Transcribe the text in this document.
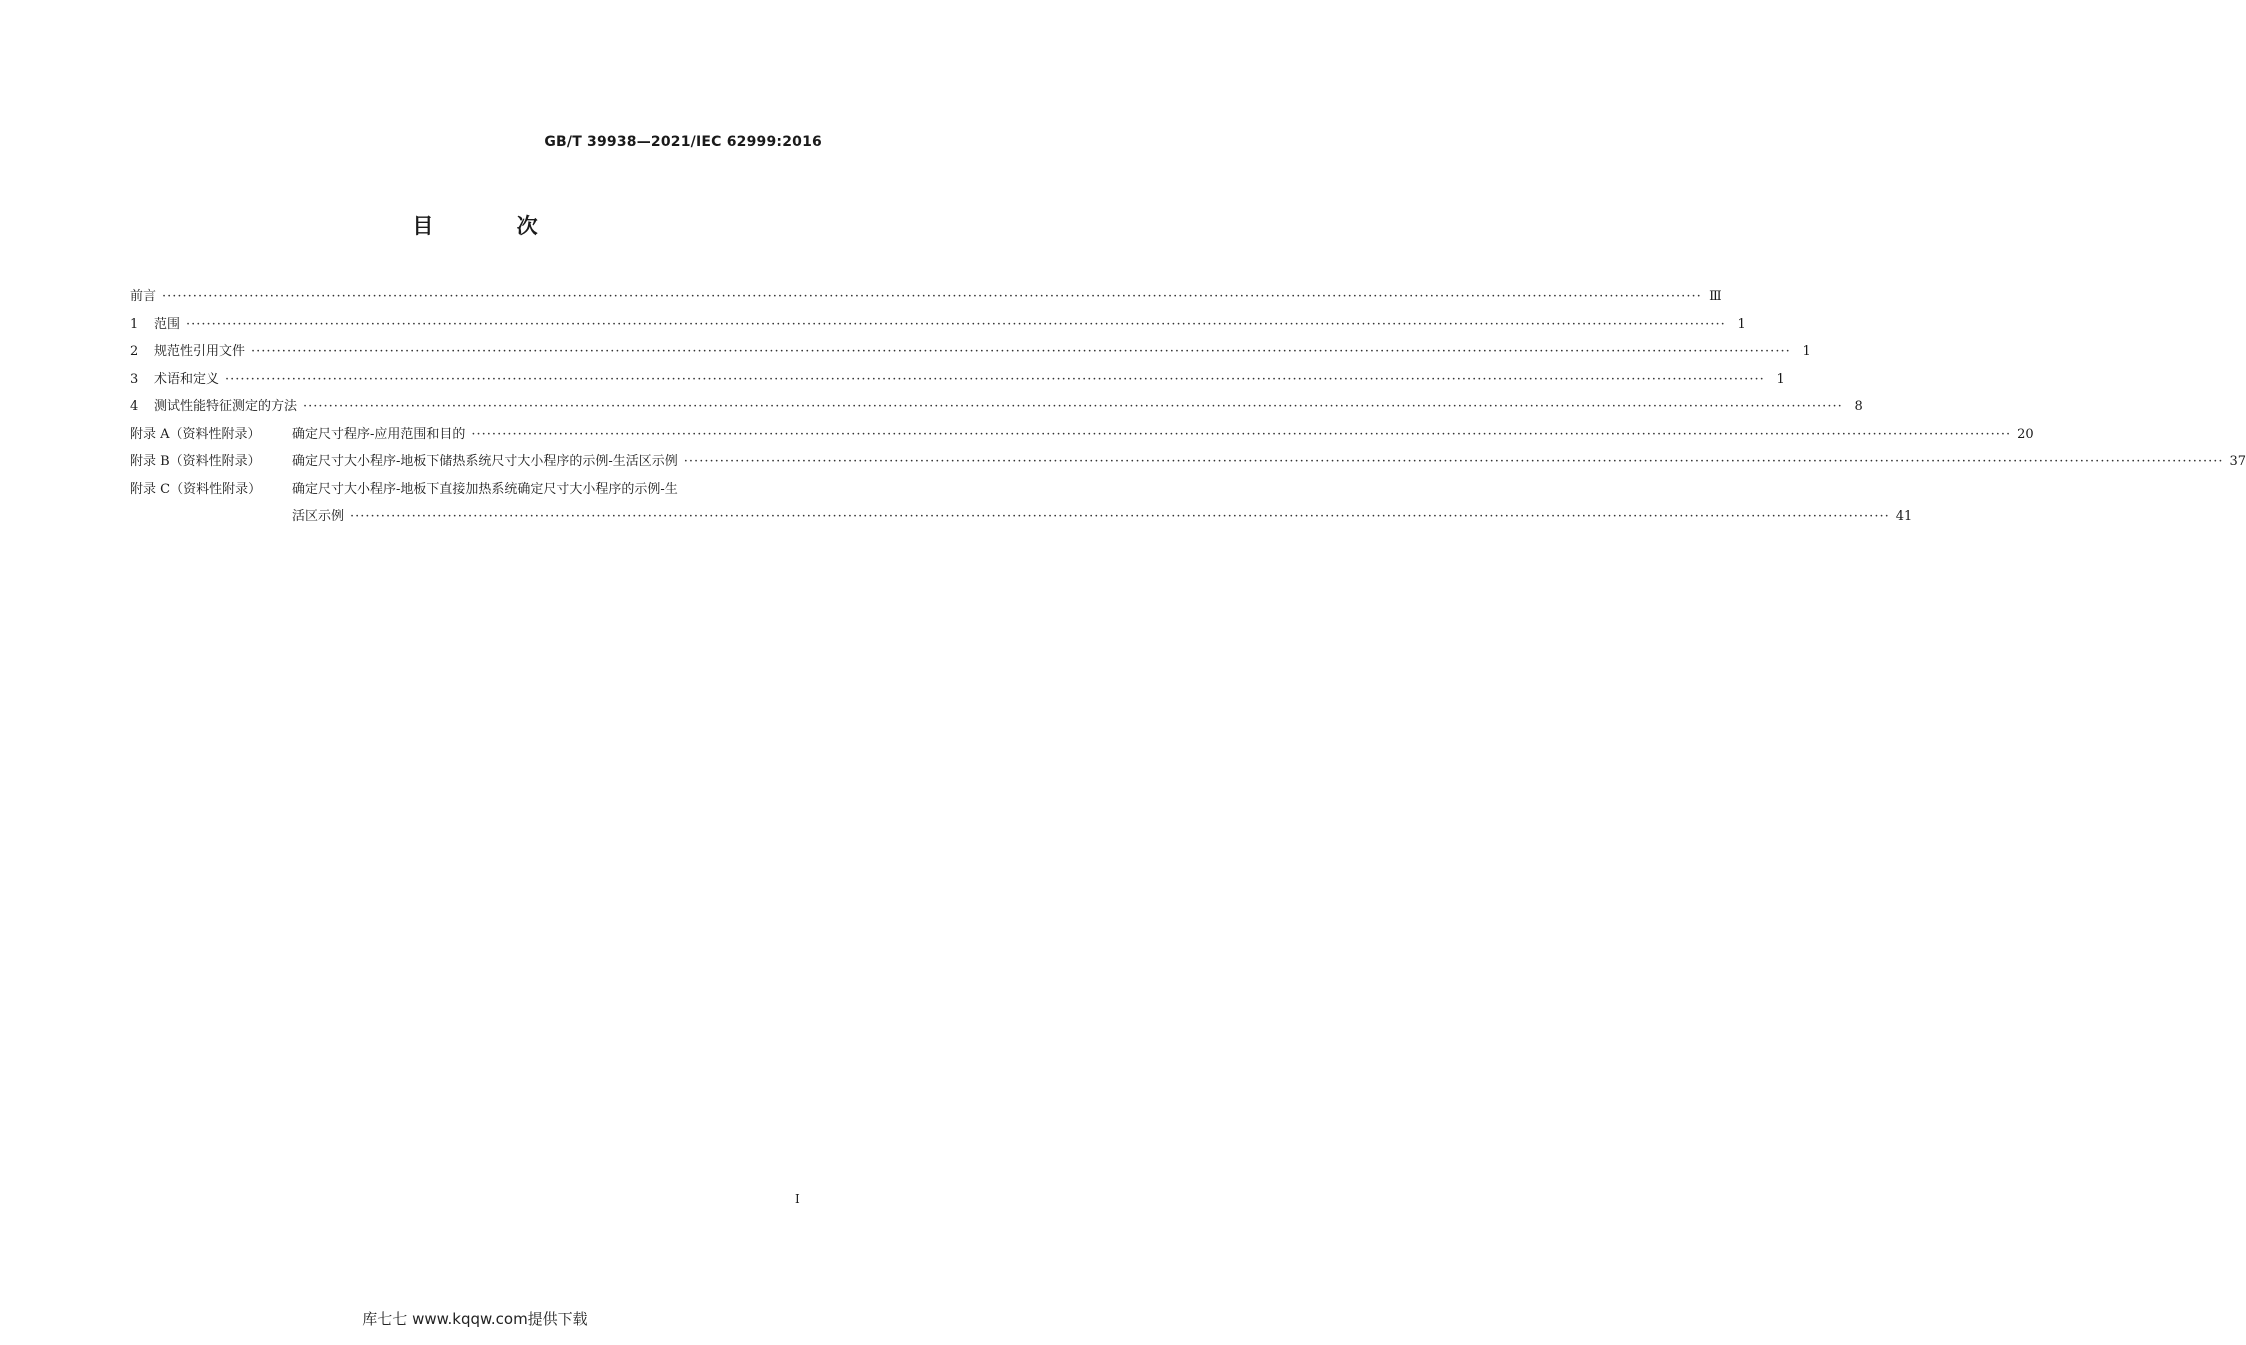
GB/T 39938—2021/IEC 62999:2016
目 次
前言 ············································································································································································································································································································ Ⅲ
1 范围 ············································································································································································································································································································ 1
2 规范性引用文件 ············································································································································································································································································································ 1
3 术语和定义 ············································································································································································································································································································ 1
4 测试性能特征测定的方法 ············································································································································································································································································································ 8
附录 A（资料性附录） 确定尺寸程序-应用范围和目的 ············································································································································································································································································································ 20
附录 B（资料性附录） 确定尺寸大小程序-地板下储热系统尺寸大小程序的示例-生活区示例 ············································································································································································································································································································ 37
附录 C（资料性附录） 确定尺寸大小程序-地板下直接加热系统确定尺寸大小程序的示例-生
活区示例 ············································································································································································································································································································ 41
I
库七七 www.kqqw.com提供下载
